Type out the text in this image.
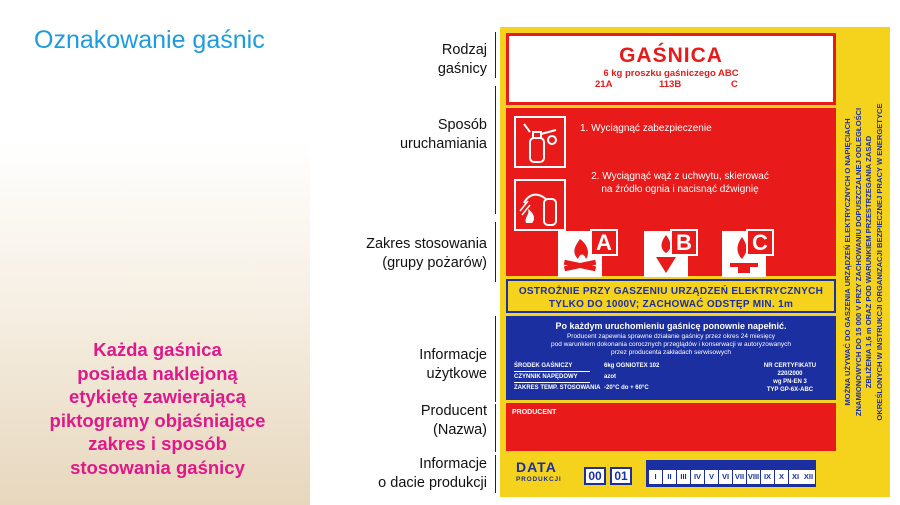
Oznakowanie gaśnic
Każda gaśnica
posiada naklejoną
etykietę zawierającą
piktogramy objaśniające
zakres i sposób
stosowania gaśnicy
Rodzaj
gaśnicy
Sposób
uruchamiania
Zakres stosowania
(grupy pożarów)
Informacje
użytkowe
Producent
(Nazwa)
Informacje
o dacie produkcji
GAŚNICA
6 kg proszku gaśniczego ABC
21A	113B	C
1. Wyciągnąć zabezpieczenie
2. Wyciągnąć wąż z uchwytu, skierować
na źródło ognia i nacisnąć dźwignię
A	B	C
OSTROŻNIE PRZY GASZENIU URZĄDZEŃ ELEKTRYCZNYCH
TYLKO DO 1000V; ZACHOWAĆ ODSTĘP MIN. 1m
Po każdym uruchomieniu gaśnicę ponownie napełnić.
Producent zapewnia sprawne działanie gaśnicy przez okres 24 miesięcy
pod warunkiem dokonania corocznych przeglądów i konserwacji w autoryzowanych
przez producenta zakładach serwisowych
ŚRODEK GAŚNICZY	6kg OGNIOTEX 102
CZYNNIK NAPĘDOWY	azot
ZAKRES TEMP. STOSOWANIA -20°C do + 60°C
NR CERTYFIKATU
220/2000
wg PN-EN 3
TYP GP-6X-ABC
PRODUCENT
DATA
PRODUKCJI	00	01	I	II	III IV	V	VI VII VIII IX	X	XI XII
MOŻNA UŻYWAĆ DO GASZENIA URZĄDZEŃ ELEKTRYCZNYCH O NAPIĘCIACH ZNAMIONOWYCH DO 15 000 V PRZY ZACHOWANIU DOPUSZCZALNEJ ODLEGŁOŚCI ZBLIŻENIA 1,6 m ORAZ POD WARUNKIEM PRZESTRZEGANIA ZASAD OKREŚLONYCH W INSTRUKCJI ORGANIZACJI BEZPIECZNEJ PRACY W ENERGETYCE
